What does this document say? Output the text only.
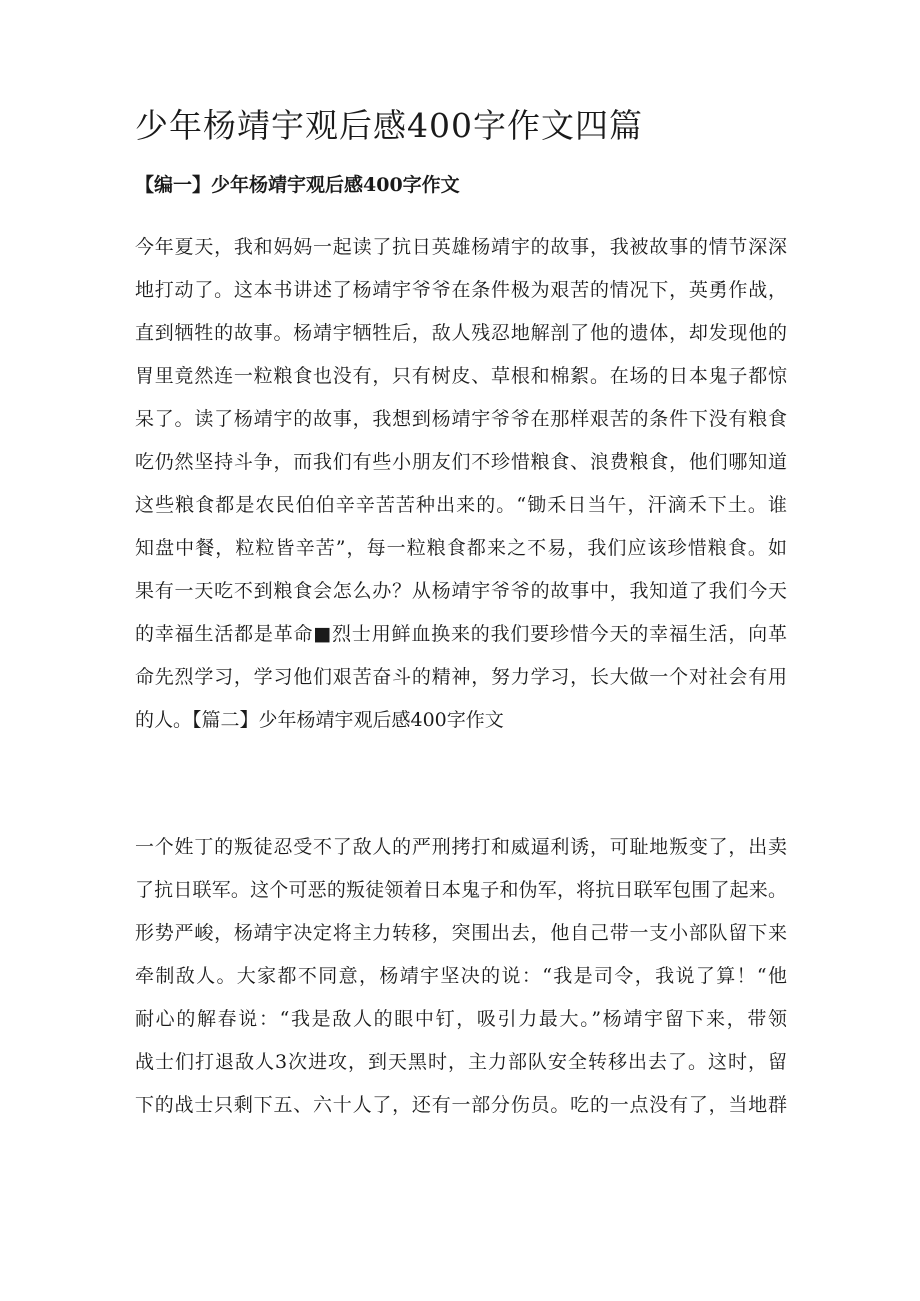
少年杨靖宇观后感400字作文四篇
【编一】少年杨靖宇观后感400字作文
今年夏天，我和妈妈一起读了抗日英雄杨靖宇的故事，我被故事的情节深深
地打动了。这本书讲述了杨靖宇爷爷在条件极为艰苦的情况下，英勇作战，
直到牺牲的故事。杨靖宇牺牲后，敌人残忍地解剖了他的遗体，却发现他的
胃里竟然连一粒粮食也没有，只有树皮、草根和棉絮。在场的日本鬼子都惊
呆了。读了杨靖宇的故事，我想到杨靖宇爷爷在那样艰苦的条件下没有粮食
吃仍然坚持斗争，而我们有些小朋友们不珍惜粮食、浪费粮食，他们哪知道
这些粮食都是农民伯伯辛辛苦苦种出来的。“锄禾日当午，汗滴禾下土。谁
知盘中餐，粒粒皆辛苦”，每一粒粮食都来之不易，我们应该珍惜粮食。如
果有一天吃不到粮食会怎么办？从杨靖宇爷爷的故事中，我知道了我们今天
的幸福生活都是革命■烈士用鲜血换来的我们要珍惜今天的幸福生活，向革
命先烈学习，学习他们艰苦奋斗的精神，努力学习，长大做一个对社会有用
的人。【篇二】少年杨靖宇观后感400字作文
一个姓丁的叛徒忍受不了敌人的严刑拷打和威逼利诱，可耻地叛变了，出卖
了抗日联军。这个可恶的叛徒领着日本鬼子和伪军，将抗日联军包围了起来。
形势严峻，杨靖宇决定将主力转移，突围出去，他自己带一支小部队留下来
牵制敌人。大家都不同意，杨靖宇坚决的说：“我是司令，我说了算！“他
耐心的解春说：“我是敌人的眼中钉，吸引力最大。”杨靖宇留下来，带领
战士们打退敌人3次进攻，到天黑时，主力部队安全转移出去了。这时，留
下的战士只剩下五、六十人了，还有一部分伤员。吃的一点没有了，当地群
